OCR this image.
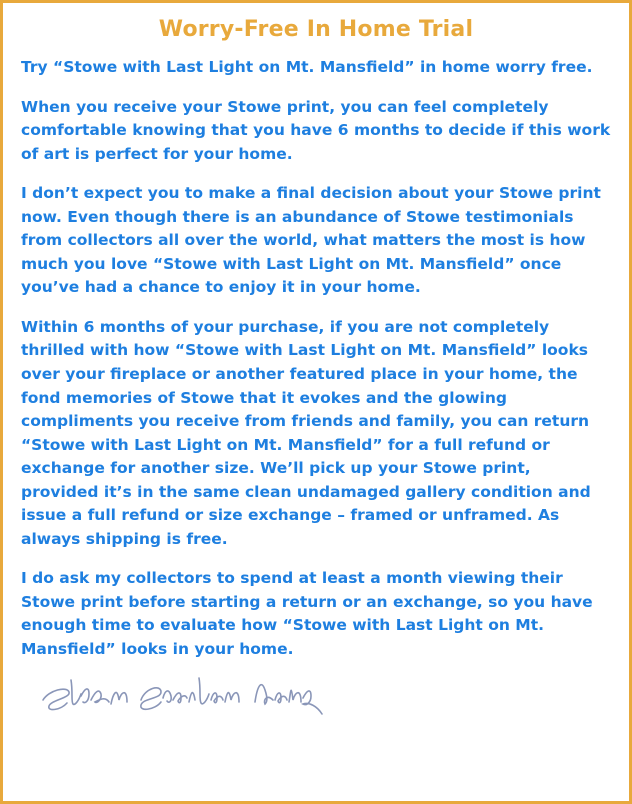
Worry-Free In Home Trial

Try “Stowe with Last Light on Mt. Mansfield” in home worry free.

When you receive your Stowe print, you can feel completely comfortable knowing that you have 6 months to decide if this work of art is perfect for your home.

I don’t expect you to make a final decision about your Stowe print now. Even though there is an abundance of Stowe testimonials from collectors all over the world, what matters the most is how much you love “Stowe with Last Light on Mt. Mansfield” once you’ve had a chance to enjoy it in your home.

Within 6 months of your purchase, if you are not completely thrilled with how “Stowe with Last Light on Mt. Mansfield” looks over your fireplace or another featured place in your home, the fond memories of Stowe that it evokes and the glowing compliments you receive from friends and family, you can return “Stowe with Last Light on Mt. Mansfield” for a full refund or exchange for another size. We’ll pick up your Stowe print, provided it’s in the same clean undamaged gallery condition and issue a full refund or size exchange – framed or unframed. As always shipping is free.

I do ask my collectors to spend at least a month viewing their Stowe print before starting a return or an exchange, so you have enough time to evaluate how “Stowe with Last Light on Mt. Mansfield” looks in your home.
